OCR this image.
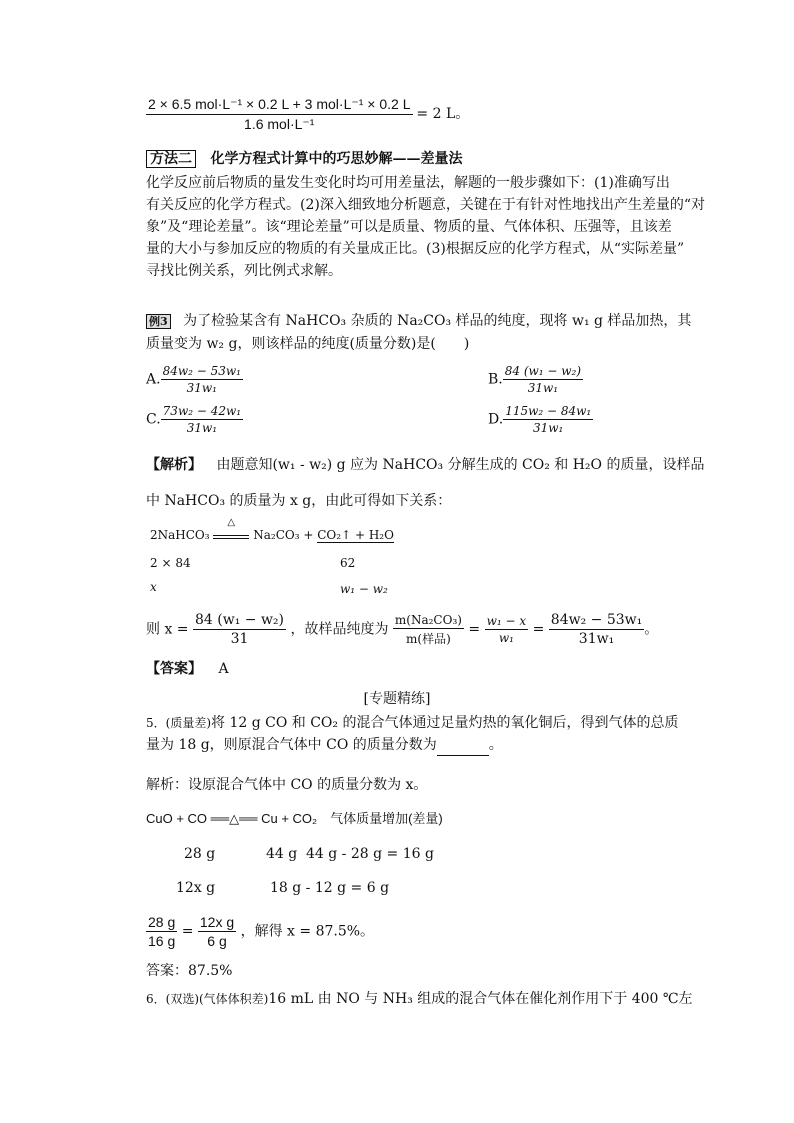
$\frac{\text{2 × 6.5 mol·L⁻¹ × 0.2 L + 3 mol·L⁻¹ × 0.2 L}}{\text{1.6 mol·L⁻¹}} = 2$ L。
方法二 化学方程式计算中的巧思妙解——差量法
化学反应前后物质的量发生变化时均可用差量法，解题的一般步骤如下：(1)准确写出
有关反应的化学方程式。(2)深入细致地分析题意，关键在于有针对性地找出产生差量的“对
象”及“理论差量”。该“理论差量”可以是质量、物质的量、气体体积、压强等，且该差
量的大小与参加反应的物质的有关量成正比。(3)根据反应的化学方程式，从“实际差量”
寻找比例关系，列比例式求解。
例3 为了检验某含有 NaHCO₃ 杂质的 Na₂CO₃ 样品的纯度，现将 w₁ g 样品加热，其
质量变为 w₂ g，则该样品的纯度(质量分数)是(　　)
A. $\frac{\text{84w₂ − 53w₁}}{\text{31w₁}}$	B. $\frac{\text{84 (w₁ − w₂)}}{\text{31w₁}}$
C. $\frac{\text{73w₂ − 42w₁}}{\text{31w₁}}$	D. $\frac{\text{115w₂ − 84w₁}}{\text{31w₁}}$
【解析】 由题意知(w₁ - w₂) g 应为 NaHCO₃ 分解生成的 CO₂ 和 H₂O 的质量，设样品
中 NaHCO₃ 的质量为 x g，由此可得如下关系：
2NaHCO₃
△
Na₂CO₃ + CO₂↑ + H₂O
2 × 84	62
x	w₁ − w₂
则 $x = \frac{\text{84 (w₁ − w₂)}}{31}$ ，故样品纯度为 $\frac{\text{m(Na₂CO₃)}}{\text{m(样品)}} = \frac{\text{w₁ − x}}{\text{w₁}} = \frac{\text{84w₂ − 53w₁}}{\text{31w₁}}$ 。
【答案】 A
[专题精练]
5．(质量差)将 12 g CO 和 CO₂ 的混合气体通过足量灼热的氧化铜后，得到气体的总质
量为 18 g，则原混合气体中 CO 的质量分数为	。
解析：设原混合气体中 CO 的质量分数为 x。
CuO + CO ══△══ Cu + CO₂　气体质量增加(差量)
28 g	44 g 44 g - 28 g = 16 g
12x g	18 g - 12 g = 6 g
$\frac{28 g}{16 g} = \frac{\text{12x g}}{6 g}$ ，解得 x = 87.5%。
答案：87.5%
6．(双选)(气体体积差)16 mL 由 NO 与 NH₃ 组成的混合气体在催化剂作用下于 400 ℃左
